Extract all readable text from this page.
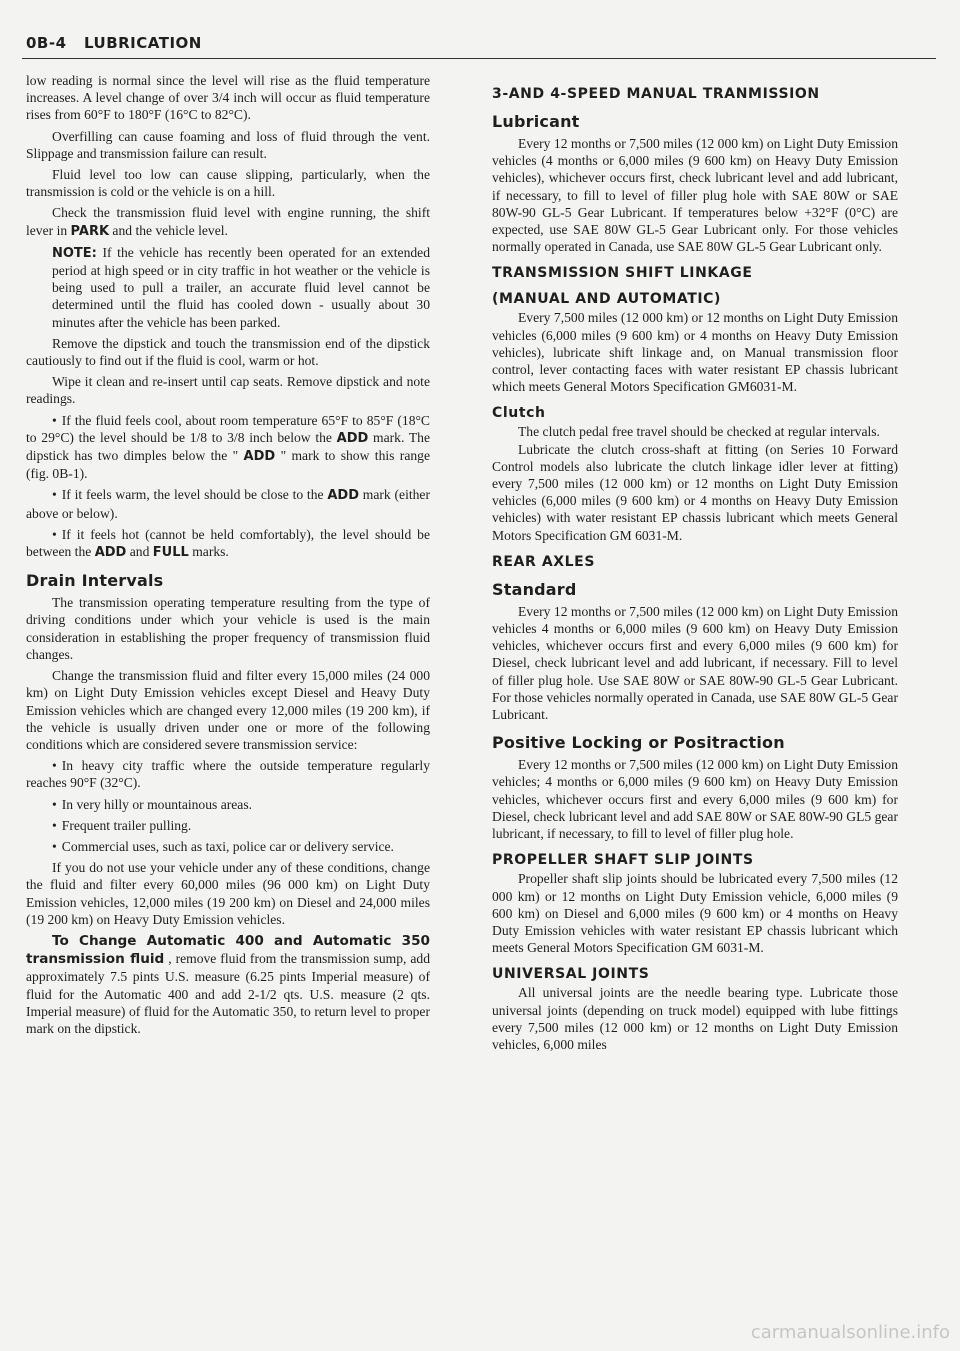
0B-4 LUBRICATION

low reading is normal since the level will rise as the fluid temperature increases. A level change of over 3/4 inch will occur as fluid temperature rises from 60°F to 180°F (16°C to 82°C).

Overfilling can cause foaming and loss of fluid through the vent. Slippage and transmission failure can result.

Fluid level too low can cause slipping, particularly, when the transmission is cold or the vehicle is on a hill.

Check the transmission fluid level with engine running, the shift lever in PARK and the vehicle level.

NOTE: If the vehicle has recently been operated for an extended period at high speed or in city traffic in hot weather or the vehicle is being used to pull a trailer, an accurate fluid level cannot be determined until the fluid has cooled down - usually about 30 minutes after the vehicle has been parked.

Remove the dipstick and touch the transmission end of the dipstick cautiously to find out if the fluid is cool, warm or hot.

Wipe it clean and re-insert until cap seats. Remove dipstick and note readings.

• If the fluid feels cool, about room temperature 65°F to 85°F (18°C to 29°C) the level should be 1/8 to 3/8 inch below the ADD mark. The dipstick has two dimples below the " ADD " mark to show this range (fig. 0B-1).

• If it feels warm, the level should be close to the ADD mark (either above or below).

• If it feels hot (cannot be held comfortably), the level should be between the ADD and FULL marks.

Drain Intervals

The transmission operating temperature resulting from the type of driving conditions under which your vehicle is used is the main consideration in establishing the proper frequency of transmission fluid changes.

Change the transmission fluid and filter every 15,000 miles (24 000 km) on Light Duty Emission vehicles except Diesel and Heavy Duty Emission vehicles which are changed every 12,000 miles (19 200 km), if the vehicle is usually driven under one or more of the following conditions which are considered severe transmission service:

• In heavy city traffic where the outside temperature regularly reaches 90°F (32°C).

• In very hilly or mountainous areas.

• Frequent trailer pulling.

• Commercial uses, such as taxi, police car or delivery service.

If you do not use your vehicle under any of these conditions, change the fluid and filter every 60,000 miles (96 000 km) on Light Duty Emission vehicles, 12,000 miles (19 200 km) on Diesel and 24,000 miles (19 200 km) on Heavy Duty Emission vehicles.

To Change Automatic 400 and Automatic 350 transmission fluid , remove fluid from the transmission sump, add approximately 7.5 pints U.S. measure (6.25 pints Imperial measure) of fluid for the Automatic 400 and add 2-1/2 qts. U.S. measure (2 qts. Imperial measure) of fluid for the Automatic 350, to return level to proper mark on the dipstick.

3-AND 4-SPEED MANUAL TRANMISSION
Lubricant

Every 12 months or 7,500 miles (12 000 km) on Light Duty Emission vehicles (4 months or 6,000 miles (9 600 km) on Heavy Duty Emission vehicles), whichever occurs first, check lubricant level and add lubricant, if necessary, to fill to level of filler plug hole with SAE 80W or SAE 80W-90 GL-5 Gear Lubricant. If temperatures below +32°F (0°C) are expected, use SAE 80W GL-5 Gear Lubricant only. For those vehicles normally operated in Canada, use SAE 80W GL-5 Gear Lubricant only.

TRANSMISSION SHIFT LINKAGE
(MANUAL AND AUTOMATIC)

Every 7,500 miles (12 000 km) or 12 months on Light Duty Emission vehicles (6,000 miles (9 600 km) or 4 months on Heavy Duty Emission vehicles), lubricate shift linkage and, on Manual transmission floor control, lever contacting faces with water resistant EP chassis lubricant which meets General Motors Specification GM6031-M.

Clutch

The clutch pedal free travel should be checked at regular intervals.

Lubricate the clutch cross-shaft at fitting (on Series 10 Forward Control models also lubricate the clutch linkage idler lever at fitting) every 7,500 miles (12 000 km) or 12 months on Light Duty Emission vehicles (6,000 miles (9 600 km) or 4 months on Heavy Duty Emission vehicles) with water resistant EP chassis lubricant which meets General Motors Specification GM 6031-M.

REAR AXLES
Standard

Every 12 months or 7,500 miles (12 000 km) on Light Duty Emission vehicles 4 months or 6,000 miles (9 600 km) on Heavy Duty Emission vehicles, whichever occurs first and every 6,000 miles (9 600 km) for Diesel, check lubricant level and add lubricant, if necessary. Fill to level of filler plug hole. Use SAE 80W or SAE 80W-90 GL-5 Gear Lubricant. For those vehicles normally operated in Canada, use SAE 80W GL-5 Gear Lubricant.

Positive Locking or Positraction

Every 12 months or 7,500 miles (12 000 km) on Light Duty Emission vehicles; 4 months or 6,000 miles (9 600 km) on Heavy Duty Emission vehicles, whichever occurs first and every 6,000 miles (9 600 km) for Diesel, check lubricant level and add SAE 80W or SAE 80W-90 GL5 gear lubricant, if necessary, to fill to level of filler plug hole.

PROPELLER SHAFT SLIP JOINTS

Propeller shaft slip joints should be lubricated every 7,500 miles (12 000 km) or 12 months on Light Duty Emission vehicle, 6,000 miles (9 600 km) on Diesel and 6,000 miles (9 600 km) or 4 months on Heavy Duty Emission vehicles with water resistant EP chassis lubricant which meets General Motors Specification GM 6031-M.

UNIVERSAL JOINTS

All universal joints are the needle bearing type. Lubricate those universal joints (depending on truck model) equipped with lube fittings every 7,500 miles (12 000 km) or 12 months on Light Duty Emission vehicles, 6,000 miles

carmanualsonline.info
